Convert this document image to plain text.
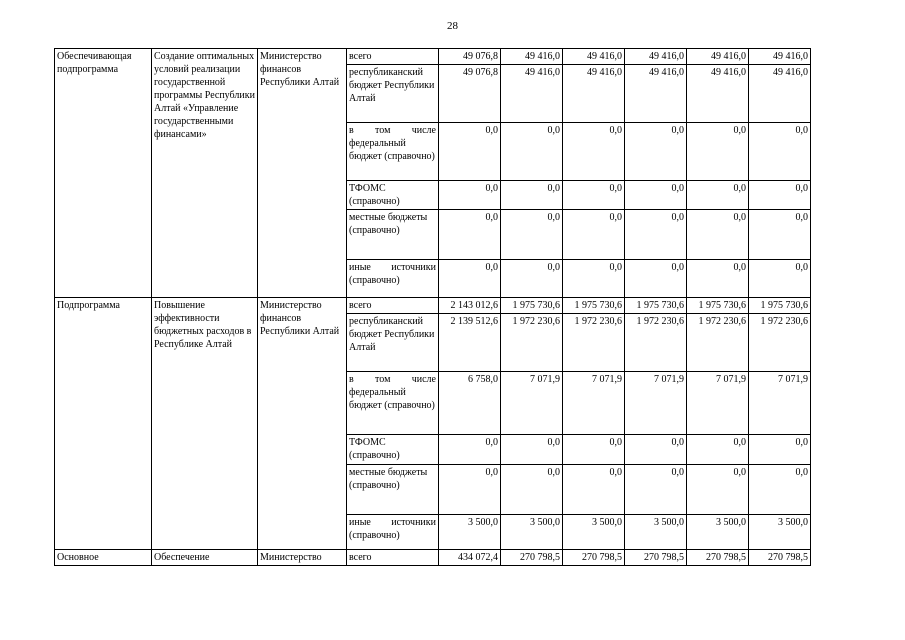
28
Обеспечивающая подпрограмма	Создание оптимальных условий реализации государственной программы Республики Алтай «Управление государственными финансами»	Министерство финансов Республики Алтай	всего	49 076,8	49 416,0	49 416,0	49 416,0	49 416,0	49 416,0
			республиканский бюджет Республики Алтай	49 076,8	49 416,0	49 416,0	49 416,0	49 416,0	49 416,0
			в том числе федеральный бюджет (справочно)	0,0	0,0	0,0	0,0	0,0	0,0
			ТФОМС (справочно)	0,0	0,0	0,0	0,0	0,0	0,0
			местные бюджеты (справочно)	0,0	0,0	0,0	0,0	0,0	0,0
			иные источники (справочно)	0,0	0,0	0,0	0,0	0,0	0,0
Подпрограмма	Повышение эффективности бюджетных расходов в Республике Алтай	Министерство финансов Республики Алтай	всего	2 143 012,6	1 975 730,6	1 975 730,6	1 975 730,6	1 975 730,6	1 975 730,6
			республиканский бюджет Республики Алтай	2 139 512,6	1 972 230,6	1 972 230,6	1 972 230,6	1 972 230,6	1 972 230,6
			в том числе федеральный бюджет (справочно)	6 758,0	7 071,9	7 071,9	7 071,9	7 071,9	7 071,9
			ТФОМС (справочно)	0,0	0,0	0,0	0,0	0,0	0,0
			местные бюджеты (справочно)	0,0	0,0	0,0	0,0	0,0	0,0
			иные источники (справочно)	3 500,0	3 500,0	3 500,0	3 500,0	3 500,0	3 500,0
Основное	Обеспечение	Министерство	всего	434 072,4	270 798,5	270 798,5	270 798,5	270 798,5	270 798,5
